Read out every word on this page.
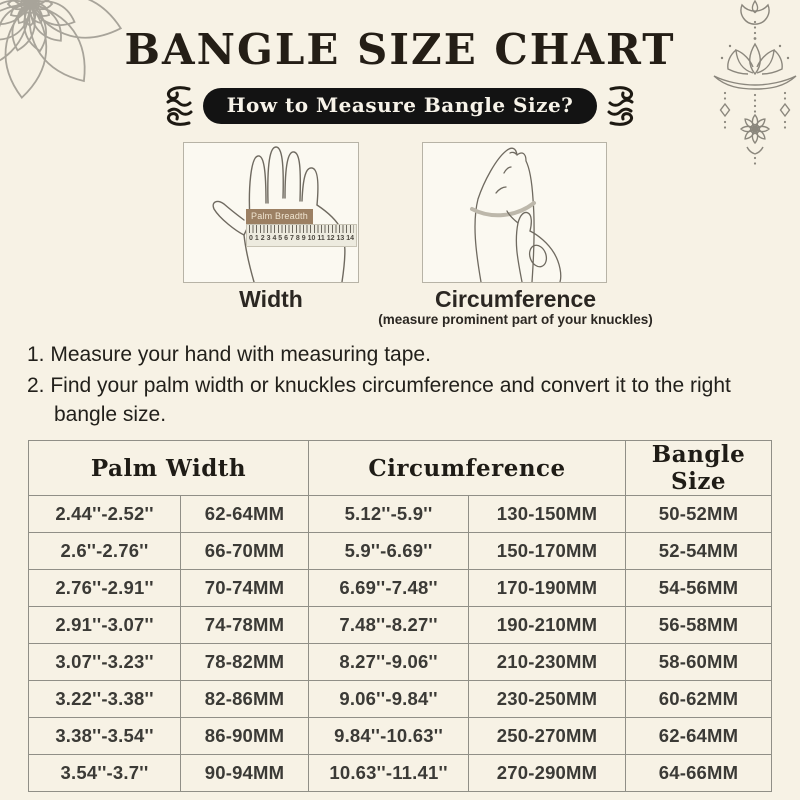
BANGLE SIZE CHART
How to Measure Bangle Size?
Palm Breadth
0 1 2 3 4 5 6 7 8 9 10 11 12 13 14
Width	Circumference
(measure prominent part of your knuckles)

1. Measure your hand with measuring tape.

2. Find your palm width or knuckles circumference and convert it to the right bangle size.

Palm Width		Circumference		Bangle Size
2.44''-2.52''	62-64MM	5.12''-5.9''	130-150MM	50-52MM
2.6''-2.76''	66-70MM	5.9''-6.69''	150-170MM	52-54MM
2.76''-2.91''	70-74MM	6.69''-7.48''	170-190MM	54-56MM
2.91''-3.07''	74-78MM	7.48''-8.27''	190-210MM	56-58MM
3.07''-3.23''	78-82MM	8.27''-9.06''	210-230MM	58-60MM
3.22''-3.38''	82-86MM	9.06''-9.84''	230-250MM	60-62MM
3.38''-3.54''	86-90MM	9.84''-10.63''	250-270MM	62-64MM
3.54''-3.7''	90-94MM	10.63''-11.41''	270-290MM	64-66MM
